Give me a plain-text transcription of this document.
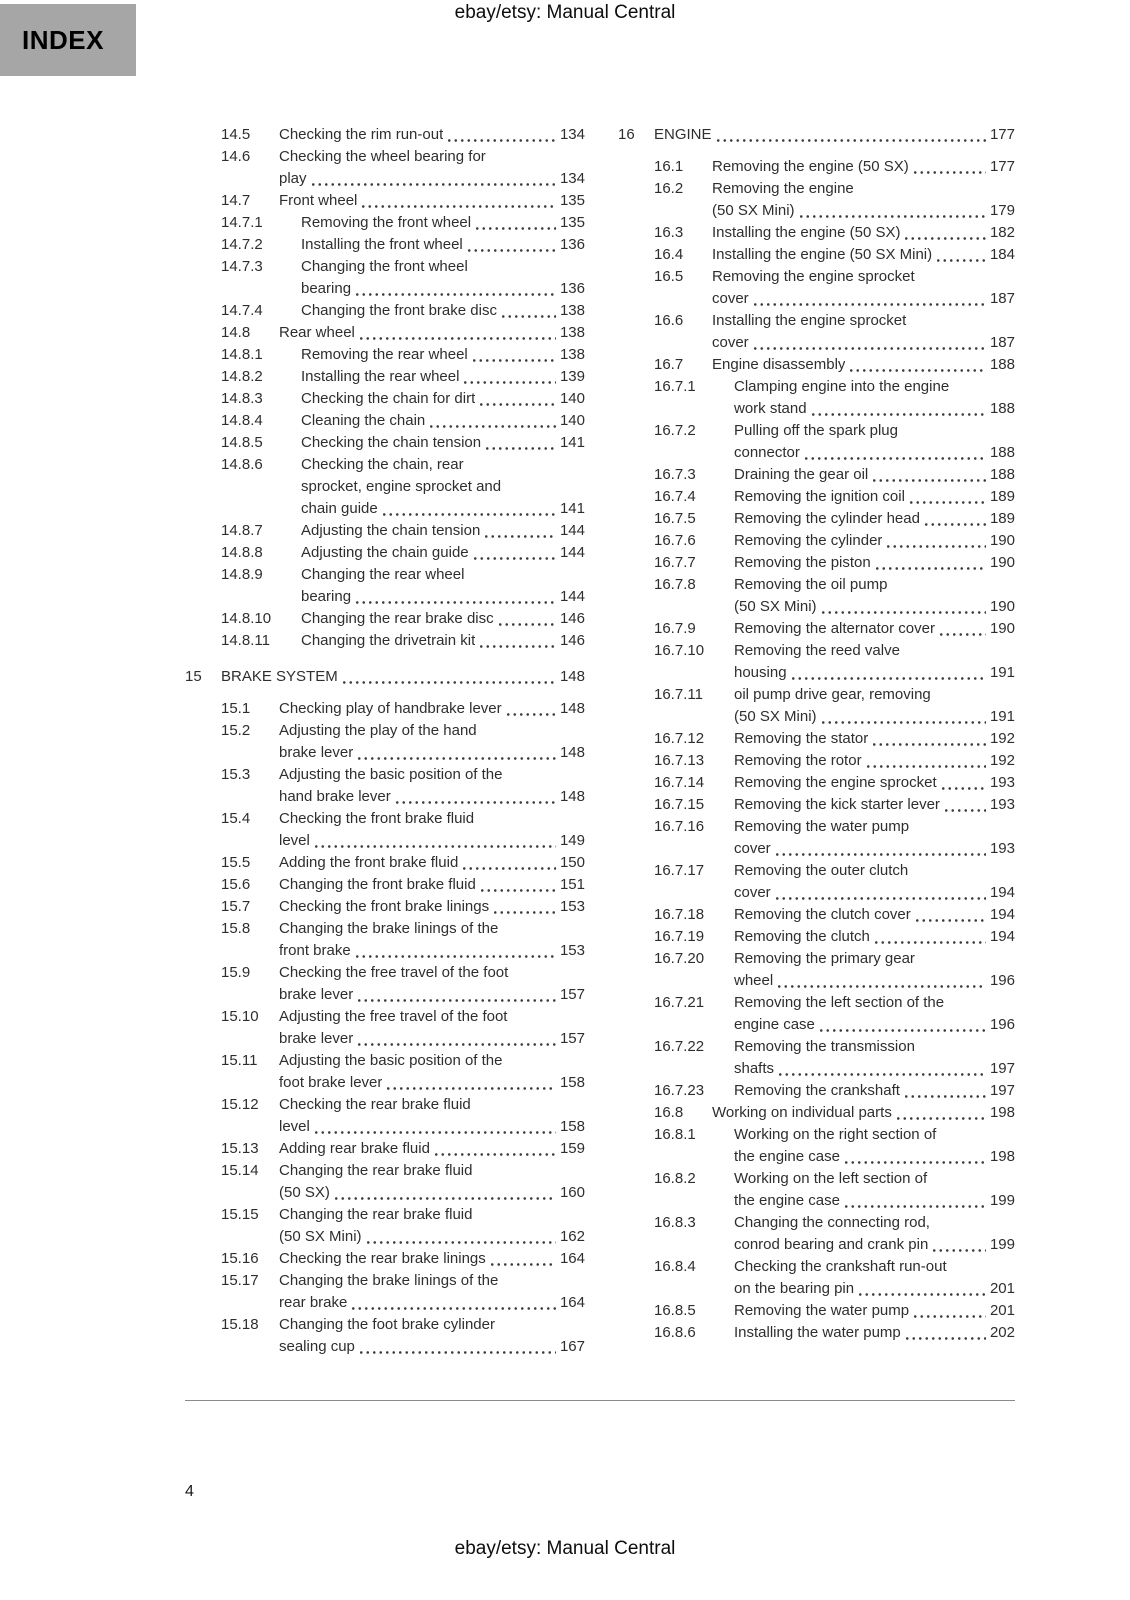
ebay/etsy: Manual Central
INDEX
14.5	Checking the rim run-out	134
14.6	Checking the wheel bearing for
play	134
14.7	Front wheel	135
14.7.1	Removing the front wheel	135
14.7.2	Installing the front wheel	136
14.7.3	Changing the front wheel
bearing	136
14.7.4	Changing the front brake disc	138
14.8	Rear wheel	138
14.8.1	Removing the rear wheel	138
14.8.2	Installing the rear wheel	139
14.8.3	Checking the chain for dirt	140
14.8.4	Cleaning the chain	140
14.8.5	Checking the chain tension	141
14.8.6	Checking the chain, rear
sprocket, engine sprocket and
chain guide	141
14.8.7	Adjusting the chain tension	144
14.8.8	Adjusting the chain guide	144
14.8.9	Changing the rear wheel
bearing	144
14.8.10	Changing the rear brake disc	146
14.8.11	Changing the drivetrain kit	146
15	BRAKE SYSTEM	148
15.1	Checking play of handbrake lever	148
15.2	Adjusting the play of the hand
brake lever	148
15.3	Adjusting the basic position of the
hand brake lever	148
15.4	Checking the front brake fluid
level	149
15.5	Adding the front brake fluid	150
15.6	Changing the front brake fluid	151
15.7	Checking the front brake linings	153
15.8	Changing the brake linings of the
front brake	153
15.9	Checking the free travel of the foot
brake lever	157
15.10	Adjusting the free travel of the foot
brake lever	157
15.11	Adjusting the basic position of the
foot brake lever	158
15.12	Checking the rear brake fluid
level	158
15.13	Adding rear brake fluid	159
15.14	Changing the rear brake fluid
(50 SX)	160
15.15	Changing the rear brake fluid
(50 SX Mini)	162
15.16	Checking the rear brake linings	164
15.17	Changing the brake linings of the
rear brake	164
15.18	Changing the foot brake cylinder
sealing cup	167
16	ENGINE	177
16.1	Removing the engine (50 SX)	177
16.2	Removing the engine
(50 SX Mini)	179
16.3	Installing the engine (50 SX)	182
16.4	Installing the engine (50 SX Mini)	184
16.5	Removing the engine sprocket
cover	187
16.6	Installing the engine sprocket
cover	187
16.7	Engine disassembly	188
16.7.1	Clamping engine into the engine
work stand	188
16.7.2	Pulling off the spark plug
connector	188
16.7.3	Draining the gear oil	188
16.7.4	Removing the ignition coil	189
16.7.5	Removing the cylinder head	189
16.7.6	Removing the cylinder	190
16.7.7	Removing the piston	190
16.7.8	Removing the oil pump
(50 SX Mini)	190
16.7.9	Removing the alternator cover	190
16.7.10	Removing the reed valve
housing	191
16.7.11	oil pump drive gear, removing
(50 SX Mini)	191
16.7.12	Removing the stator	192
16.7.13	Removing the rotor	192
16.7.14	Removing the engine sprocket	193
16.7.15	Removing the kick starter lever	193
16.7.16	Removing the water pump
cover	193
16.7.17	Removing the outer clutch
cover	194
16.7.18	Removing the clutch cover	194
16.7.19	Removing the clutch	194
16.7.20	Removing the primary gear
wheel	196
16.7.21	Removing the left section of the
engine case	196
16.7.22	Removing the transmission
shafts	197
16.7.23	Removing the crankshaft	197
16.8	Working on individual parts	198
16.8.1	Working on the right section of
the engine case	198
16.8.2	Working on the left section of
the engine case	199
16.8.3	Changing the connecting rod,
conrod bearing and crank pin	199
16.8.4	Checking the crankshaft run-out
on the bearing pin	201
16.8.5	Removing the water pump	201
16.8.6	Installing the water pump	202
4
ebay/etsy: Manual Central
